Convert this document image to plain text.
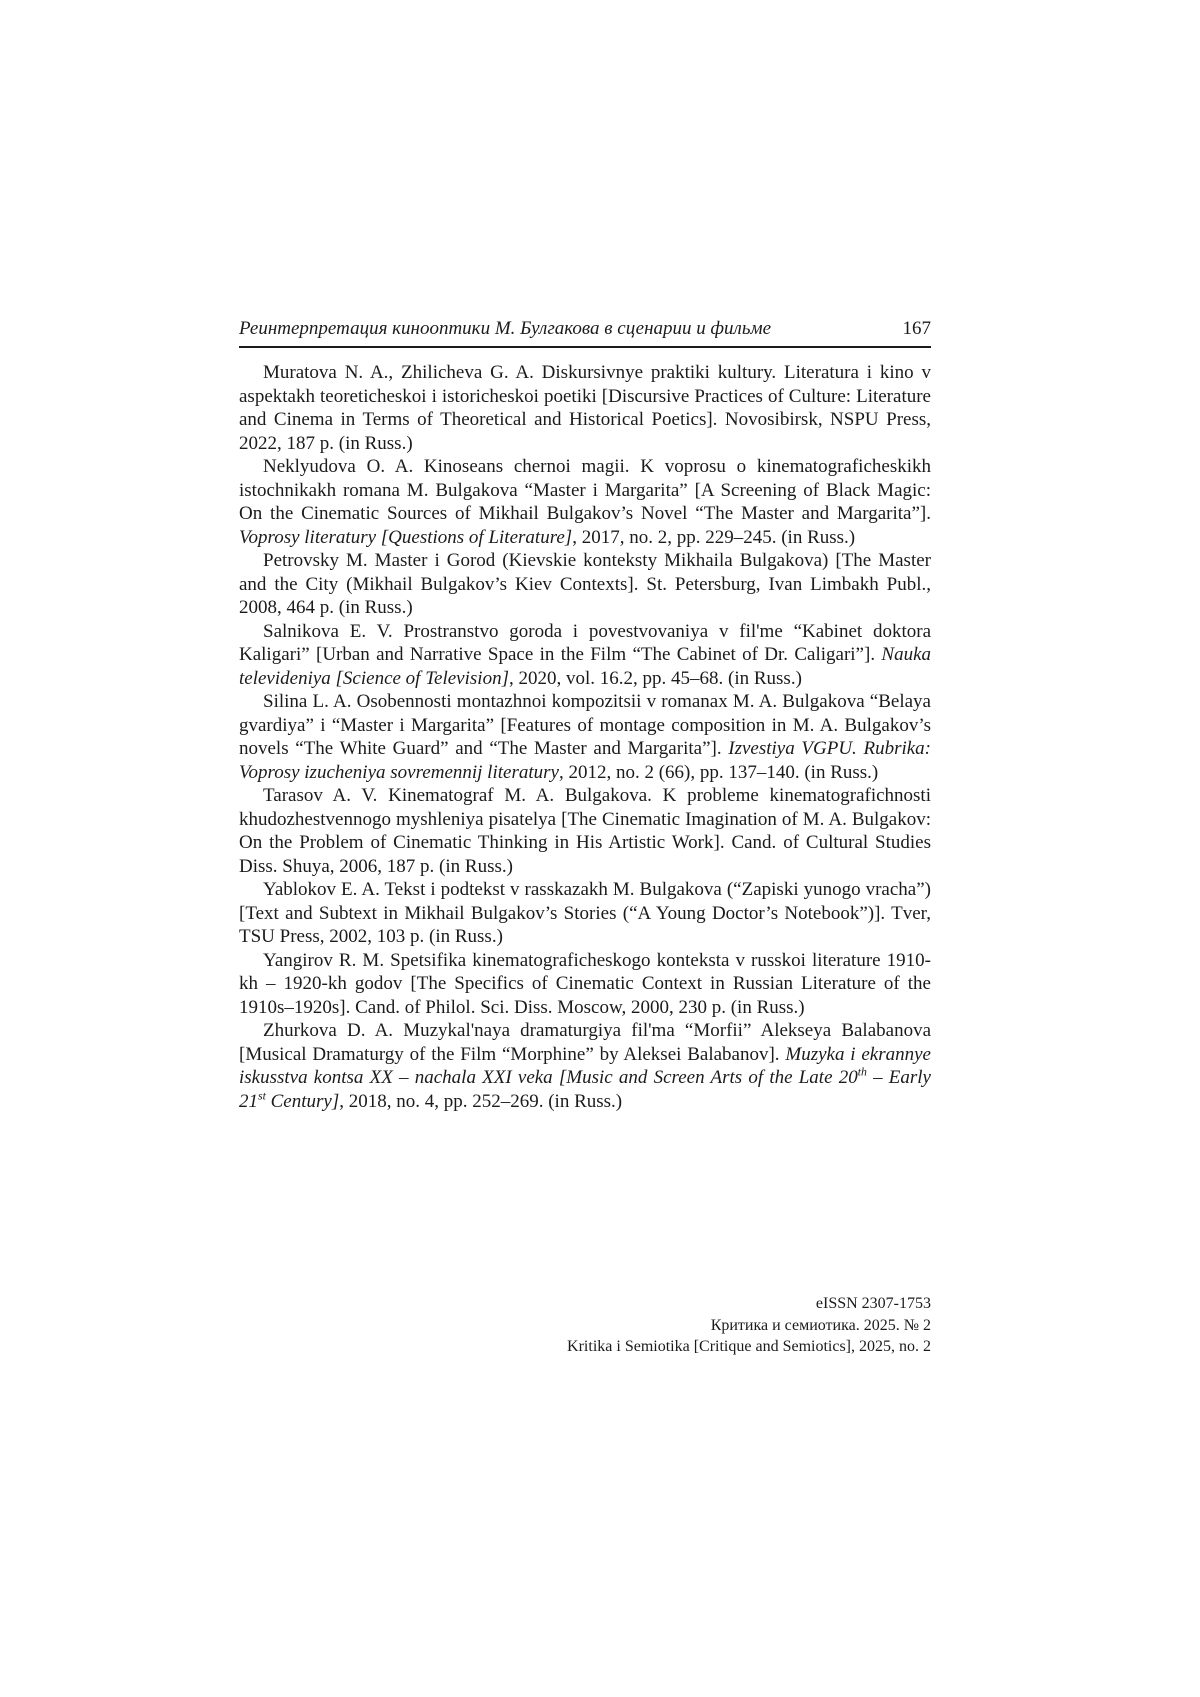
Реинтерпретация кинооптики М. Булгакова в сценарии и фильме	167

Muratova N. A., Zhilicheva G. A. Diskursivnye praktiki kultury. Literatura i kino v aspektakh teoreticheskoi i istoricheskoi poetiki [Discursive Practices of Culture: Literature and Cinema in Terms of Theoretical and Historical Poetics]. Novosibirsk, NSPU Press, 2022, 187 p. (in Russ.)

Neklyudova O. A. Kinoseans chernoi magii. K voprosu o kinematograficheskikh istochnikakh romana M. Bulgakova “Master i Margarita” [A Screening of Black Magic: On the Cinematic Sources of Mikhail Bulgakov’s Novel “The Master and Margarita”]. Voprosy literatury [Questions of Literature], 2017, no. 2, pp. 229–245. (in Russ.)

Petrovsky M. Master i Gorod (Kievskie konteksty Mikhaila Bulgakova) [The Master and the City (Mikhail Bulgakov’s Kiev Contexts]. St. Petersburg, Ivan Limbakh Publ., 2008, 464 p. (in Russ.)

Salnikova E. V. Prostranstvo goroda i povestvovaniya v fil'me “Kabinet doktora Kaligari” [Urban and Narrative Space in the Film “The Cabinet of Dr. Caligari”]. Nauka televideniya [Science of Television], 2020, vol. 16.2, pp. 45–68. (in Russ.)

Silina L. A. Osobennosti montazhnoi kompozitsii v romanax M. A. Bulgakova “Belaya gvardiya” i “Master i Margarita” [Features of montage composition in M. A. Bulgakov’s novels “The White Guard” and “The Master and Margarita”]. Izvestiya VGPU. Rubrika: Voprosy izucheniya sovremennij literatury, 2012, no. 2 (66), pp. 137–140. (in Russ.)

Tarasov A. V. Kinematograf M. A. Bulgakova. K probleme kinematografichnosti khudozhestvennogo myshleniya pisatelya [The Cinematic Imagination of M. A. Bulgakov: On the Problem of Cinematic Thinking in His Artistic Work]. Cand. of Cultural Studies Diss. Shuya, 2006, 187 p. (in Russ.)

Yablokov E. A. Tekst i podtekst v rasskazakh M. Bulgakova (“Zapiski yunogo vracha”) [Text and Subtext in Mikhail Bulgakov’s Stories (“A Young Doctor’s Notebook”)]. Tver, TSU Press, 2002, 103 p. (in Russ.)

Yangirov R. M. Spetsifika kinematograficheskogo konteksta v russkoi literature 1910-kh – 1920-kh godov [The Specifics of Cinematic Context in Russian Literature of the 1910s–1920s]. Cand. of Philol. Sci. Diss. Moscow, 2000, 230 p. (in Russ.)

Zhurkova D. A. Muzykal'naya dramaturgiya fil'ma “Morfii” Alekseya Balabanova [Musical Dramaturgy of the Film “Morphine” by Aleksei Balabanov]. Muzyka i ekrannye iskusstva kontsa XX – nachala XXI veka [Music and Screen Arts of the Late 20th – Early 21st Century], 2018, no. 4, pp. 252–269. (in Russ.)

eISSN 2307-1753
Критика и семиотика. 2025. № 2
Kritika i Semiotika [Critique and Semiotics], 2025, no. 2
